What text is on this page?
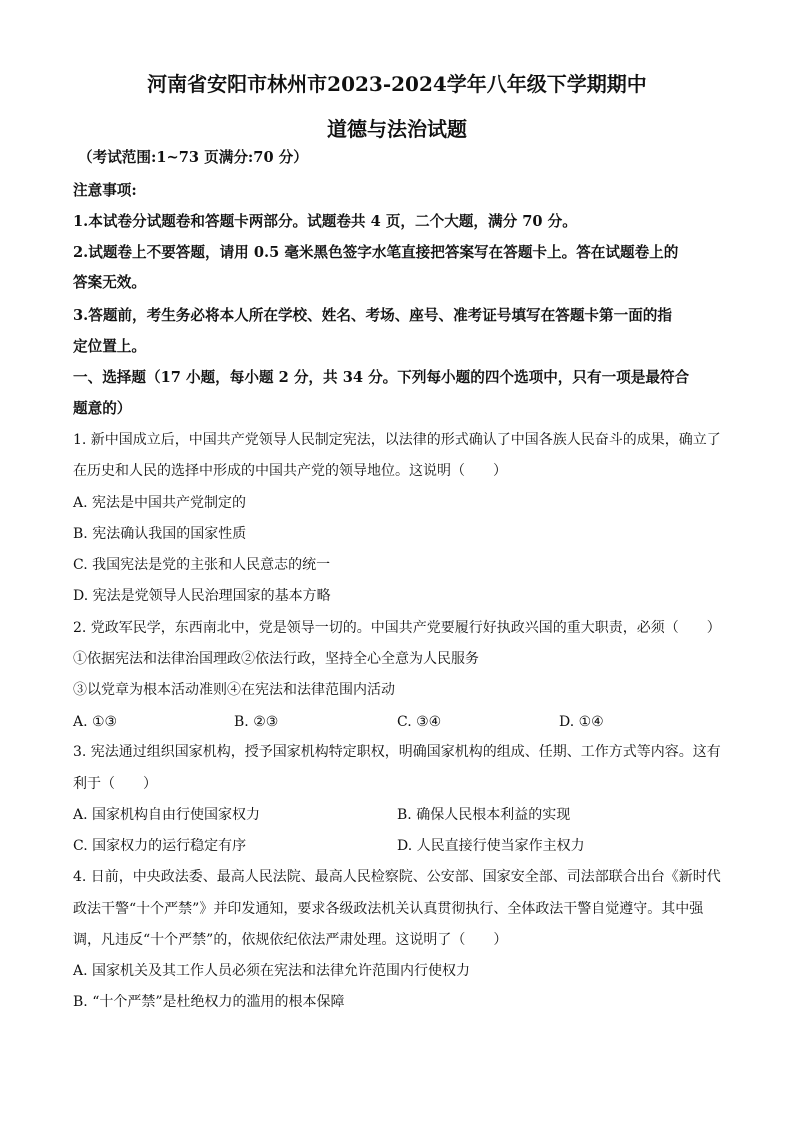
河南省安阳市林州市2023-2024学年八年级下学期期中
道德与法治试题
（考试范围:1~73 页满分:70 分）
注意事项:
1.本试卷分试题卷和答题卡两部分。试题卷共 4 页，二个大题，满分 70 分。
2.试题卷上不要答题，请用 0.5 毫米黑色签字水笔直接把答案写在答题卡上。答在试题卷上的
答案无效。
3.答题前，考生务必将本人所在学校、姓名、考场、座号、准考证号填写在答题卡第一面的指
定位置上。
一、选择题（17 小题，每小题 2 分，共 34 分。下列每小题的四个选项中，只有一项是最符合
题意的）
1. 新中国成立后，中国共产党领导人民制定宪法，以法律的形式确认了中国各族人民奋斗的成果，确立了
在历史和人民的选择中形成的中国共产党的领导地位。这说明（　　）
A. 宪法是中国共产党制定的
B. 宪法确认我国的国家性质
C. 我国宪法是党的主张和人民意志的统一
D. 宪法是党领导人民治理国家的基本方略
2. 党政军民学，东西南北中，党是领导一切的。中国共产党要履行好执政兴国的重大职责，必须（　　）
①依据宪法和法律治国理政②依法行政，坚持全心全意为人民服务
③以党章为根本活动准则④在宪法和法律范围内活动
A. ①③	B. ②③	C. ③④	D. ①④
3. 宪法通过组织国家机构，授予国家机构特定职权，明确国家机构的组成、任期、工作方式等内容。这有
利于（　　）
A. 国家机构自由行使国家权力	B. 确保人民根本利益的实现
C. 国家权力的运行稳定有序	D. 人民直接行使当家作主权力
4. 日前，中央政法委、最高人民法院、最高人民检察院、公安部、国家安全部、司法部联合出台《新时代
政法干警“十个严禁”》并印发通知，要求各级政法机关认真贯彻执行、全体政法干警自觉遵守。其中强
调，凡违反“十个严禁”的，依规依纪依法严肃处理。这说明了（　　）
A. 国家机关及其工作人员必须在宪法和法律允许范围内行使权力
B. “十个严禁”是杜绝权力的滥用的根本保障
